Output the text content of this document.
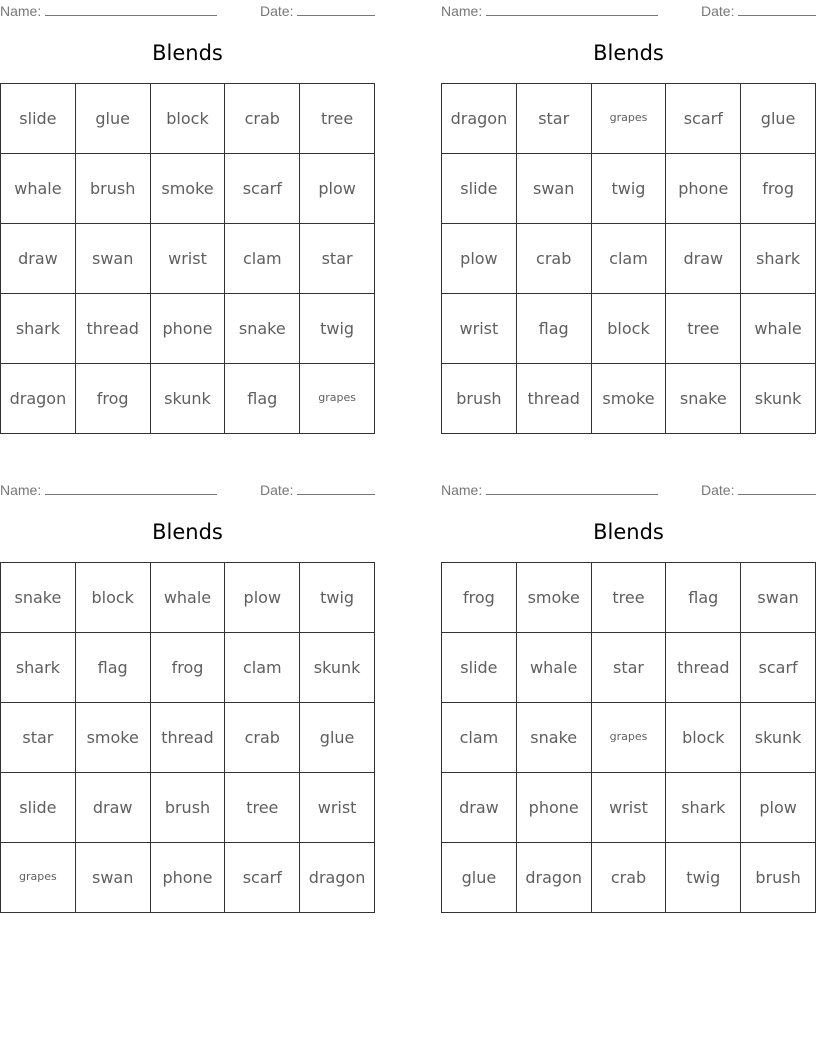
Name:	Date:
Blends
slide	glue	block	crab	tree
whale	brush	smoke	scarf	plow
draw	swan	wrist	clam	star
shark	thread	phone	snake	twig
dragon	frog	skunk	flag	grapes
Name:	Date:
Blends
dragon	star	grapes	scarf	glue
slide	swan	twig	phone	frog
plow	crab	clam	draw	shark
wrist	flag	block	tree	whale
brush	thread	smoke	snake	skunk
Name:	Date:
Blends
snake	block	whale	plow	twig
shark	flag	frog	clam	skunk
star	smoke	thread	crab	glue
slide	draw	brush	tree	wrist
grapes	swan	phone	scarf	dragon
Name:	Date:
Blends
frog	smoke	tree	flag	swan
slide	whale	star	thread	scarf
clam	snake	grapes	block	skunk
draw	phone	wrist	shark	plow
glue	dragon	crab	twig	brush
